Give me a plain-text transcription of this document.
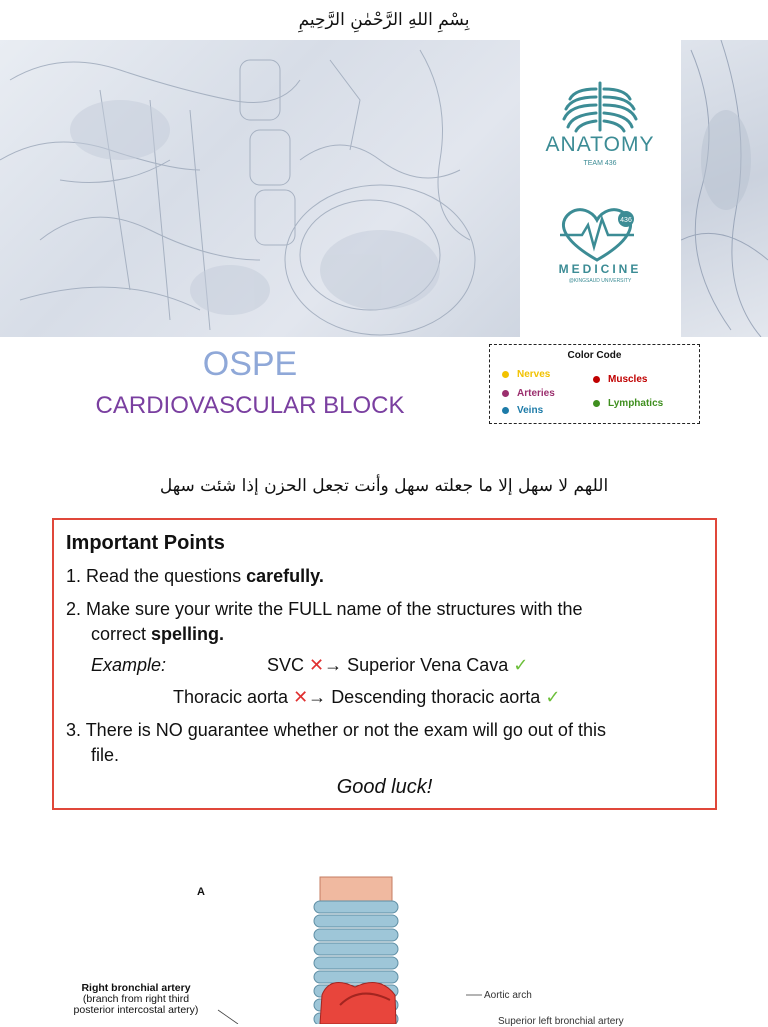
بِسْمِ اللهِ الرَّحْمٰنِ الرَّحِيمِ
ANATOMY
TEAM 436
436
MEDICINE
@KINGSAUD UNIVERSITY
OSPE
CARDIOVASCULAR BLOCK
Color Code
Nerves
Arteries
Veins
Muscles
Lymphatics
اللهم لا سهل إلا ما جعلته سهل وأنت تجعل الحزن إذا شئت سهل
Important Points
1. Read the questions carefully.
2. Make sure your write the FULL name of the structures with the
correct spelling.
Example:	SVC ✕→ Superior Vena Cava ✓
Thoracic aorta ✕→ Descending thoracic aorta ✓
3. There is NO guarantee whether or not the exam will go out of this
file.
Good luck!
A
Right bronchial artery
(branch from right third
posterior intercostal artery)
Aortic arch
Superior left bronchial artery
